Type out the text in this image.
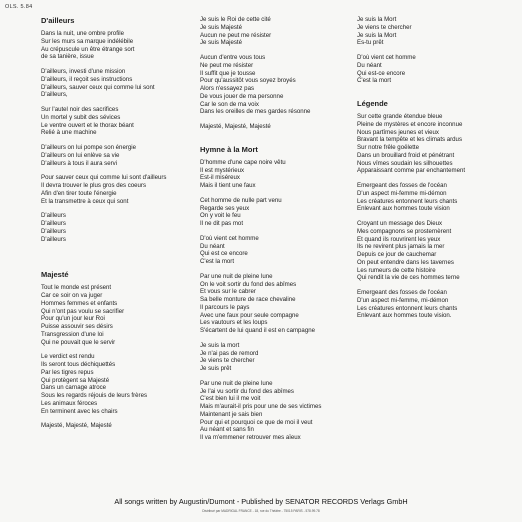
OLS. 5.84
D'ailleurs
Dans la nuit, une ombre profile
Sur les murs sa marque indélébile
Au crépuscule un être étrange sort
de sa tanière, issue
D'ailleurs, investi d'une mission
D'ailleurs, il reçoit ses instructions
D'ailleurs, sauver ceux qui comme lui sont
D'ailleurs,
Sur l'autel noir des sacrifices
Un mortel y subit des sévices
Le ventre ouvert et le thorax béant
Relié à une machine
D'ailleurs on lui pompe son énergie
D'ailleurs on lui enlève sa vie
D'ailleurs à tous il aura servi
Pour sauver ceux qui comme lui sont d'ailleurs
Il devra trouver le plus gros des coeurs
Afin d'en tirer toute l'énergie
Et la transmettre à ceux qui sont
D'ailleurs
D'ailleurs
D'ailleurs
D'ailleurs
Majesté
Tout le monde est présent
Car ce soir on va juger
Hommes femmes et enfants
Qui n'ont pas voulu se sacrifier
Pour qu'un jour leur Roi
Puisse assouvir ses désirs
Transgression d'une loi
Qui ne pouvait que le servir
Le verdict est rendu
Ils seront tous déchiquettés
Par les tigres repus
Qui protègent sa Majesté
Dans un carnage atroce
Sous les regards réjouis de leurs frères
Les animaux féroces
En terminent avec les chairs
Majesté, Majesté, Majesté
Je suis le Roi de cette cité
Je suis Majesté
Aucun ne peut me résister
Je suis Majesté
Aucun d'entre vous tous
Ne peut me résister
Il suffit que je tousse
Pour qu'aussitôt vous soyez broyés
Alors n'essayez pas
De vous jouer de ma personne
Car le son de ma voix
Dans les oreilles de mes gardes résonne
Majesté, Majesté, Majesté
Hymne à la Mort
D'homme d'une cape noire vêtu
Il est mystérieux
Est-il miséreux
Mais il tient une faux
Cet homme de nulle part venu
Regarde ses yeux
On y voit le feu
Il ne dit pas mot
D'où vient cet homme
Du néant
Qui est ce encore
C'est la mort
Par une nuit de pleine lune
On le voit sortir du fond des abîmes
Et vous sur le cabrer
Sa belle monture de race chevaline
Il parcours le pays
Avec une faux pour seule compagne
Les vautours et les loups
S'écartent de lui quand il est en campagne
Je suis la mort
Je n'ai pas de remord
Je viens te chercher
Je suis prêt
Par une nuit de pleine lune
Je l'ai vu sortir du fond des abîmes
C'est bien lui il me voit
Mais m'aurait-il pris pour une de ses victimes
Maintenant je sais bien
Pour qui et pourquoi ce que de moi il veut
Au néant et sans fin
Il va m'emmener retrouver mes aïeux
Je suis la Mort
Je viens te chercher
Je suis la Mort
Es-tu prêt
D'où vient cet homme
Du néant
Qui est-ce encore
C'est la mort
Légende
Sur cette grande étendue bleue
Pleine de mystères et encore inconnue
Nous partîmes jeunes et vieux
Bravant la tempête et les climats ardus
Sur notre frêle goëlette
Dans un brouillard froid et pénétrant
Nous vîmes soudain les silhouettes
Apparaissant comme par enchantement
Emergeant des fosses de l'océan
D'un aspect mi-femme mi-démon
Les créatures entonnent leurs chants
Enlevant aux hommes toute vision
Croyant un message des Dieux
Mes compagnons se prosternèrent
Et quand ils rouvrirent les yeux
Ils ne revirent plus jamais la mer
Depuis ce jour de cauchemar
On peut entendre dans les tavernes
Les rumeurs de cette histoire
Qui rendit la vie de ces hommes terne
Emergeant des fosses de l'océan
D'un aspect mi-femme, mi-démon
Les créatures entonnent leurs chants
Enlevant aux hommes toute vision.
All songs written by Augustin/Dumont - Published by SENATOR RECORDS Verlags GmbH
Distribué par MADRIGAL FRANCE - 18, rue du Théâtre - 75015 PARIS - 578.99.78
